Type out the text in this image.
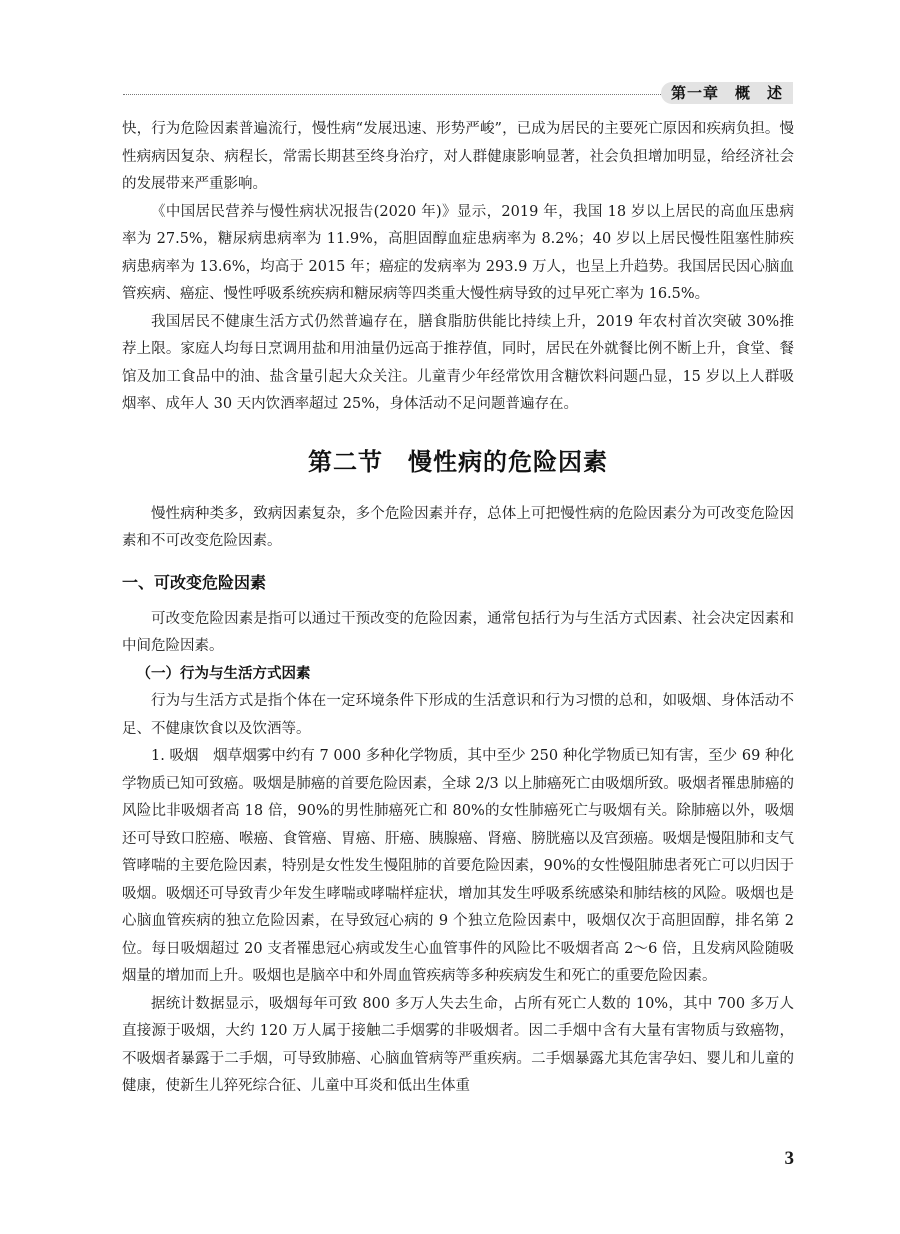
第一章　概　述

快，行为危险因素普遍流行，慢性病“发展迅速、形势严峻”，已成为居民的主要死亡原因和疾病负担。慢性病病因复杂、病程长，常需长期甚至终身治疗，对人群健康影响显著，社会负担增加明显，给经济社会的发展带来严重影响。

《中国居民营养与慢性病状况报告(2020 年)》显示，2019 年，我国 18 岁以上居民的高血压患病率为 27.5%，糖尿病患病率为 11.9%，高胆固醇血症患病率为 8.2%；40 岁以上居民慢性阻塞性肺疾病患病率为 13.6%，均高于 2015 年；癌症的发病率为 293.9 万人，也呈上升趋势。我国居民因心脑血管疾病、癌症、慢性呼吸系统疾病和糖尿病等四类重大慢性病导致的过早死亡率为 16.5%。

我国居民不健康生活方式仍然普遍存在，膳食脂肪供能比持续上升，2019 年农村首次突破 30%推荐上限。家庭人均每日烹调用盐和用油量仍远高于推荐值，同时，居民在外就餐比例不断上升，食堂、餐馆及加工食品中的油、盐含量引起大众关注。儿童青少年经常饮用含糖饮料问题凸显，15 岁以上人群吸烟率、成年人 30 天内饮酒率超过 25%，身体活动不足问题普遍存在。

第二节　慢性病的危险因素

慢性病种类多，致病因素复杂，多个危险因素并存，总体上可把慢性病的危险因素分为可改变危险因素和不可改变危险因素。

一、可改变危险因素

可改变危险因素是指可以通过干预改变的危险因素，通常包括行为与生活方式因素、社会决定因素和中间危险因素。

（一）行为与生活方式因素

行为与生活方式是指个体在一定环境条件下形成的生活意识和行为习惯的总和，如吸烟、身体活动不足、不健康饮食以及饮酒等。

1. 吸烟　烟草烟雾中约有 7 000 多种化学物质，其中至少 250 种化学物质已知有害，至少 69 种化学物质已知可致癌。吸烟是肺癌的首要危险因素，全球 2/3 以上肺癌死亡由吸烟所致。吸烟者罹患肺癌的风险比非吸烟者高 18 倍，90%的男性肺癌死亡和 80%的女性肺癌死亡与吸烟有关。除肺癌以外，吸烟还可导致口腔癌、喉癌、食管癌、胃癌、肝癌、胰腺癌、肾癌、膀胱癌以及宫颈癌。吸烟是慢阻肺和支气管哮喘的主要危险因素，特别是女性发生慢阻肺的首要危险因素，90%的女性慢阻肺患者死亡可以归因于吸烟。吸烟还可导致青少年发生哮喘或哮喘样症状，增加其发生呼吸系统感染和肺结核的风险。吸烟也是心脑血管疾病的独立危险因素，在导致冠心病的 9 个独立危险因素中，吸烟仅次于高胆固醇，排名第 2 位。每日吸烟超过 20 支者罹患冠心病或发生心血管事件的风险比不吸烟者高 2～6 倍，且发病风险随吸烟量的增加而上升。吸烟也是脑卒中和外周血管疾病等多种疾病发生和死亡的重要危险因素。

据统计数据显示，吸烟每年可致 800 多万人失去生命，占所有死亡人数的 10%，其中 700 多万人直接源于吸烟，大约 120 万人属于接触二手烟雾的非吸烟者。因二手烟中含有大量有害物质与致癌物，不吸烟者暴露于二手烟，可导致肺癌、心脑血管病等严重疾病。二手烟暴露尤其危害孕妇、婴儿和儿童的健康，使新生儿猝死综合征、儿童中耳炎和低出生体重

3
